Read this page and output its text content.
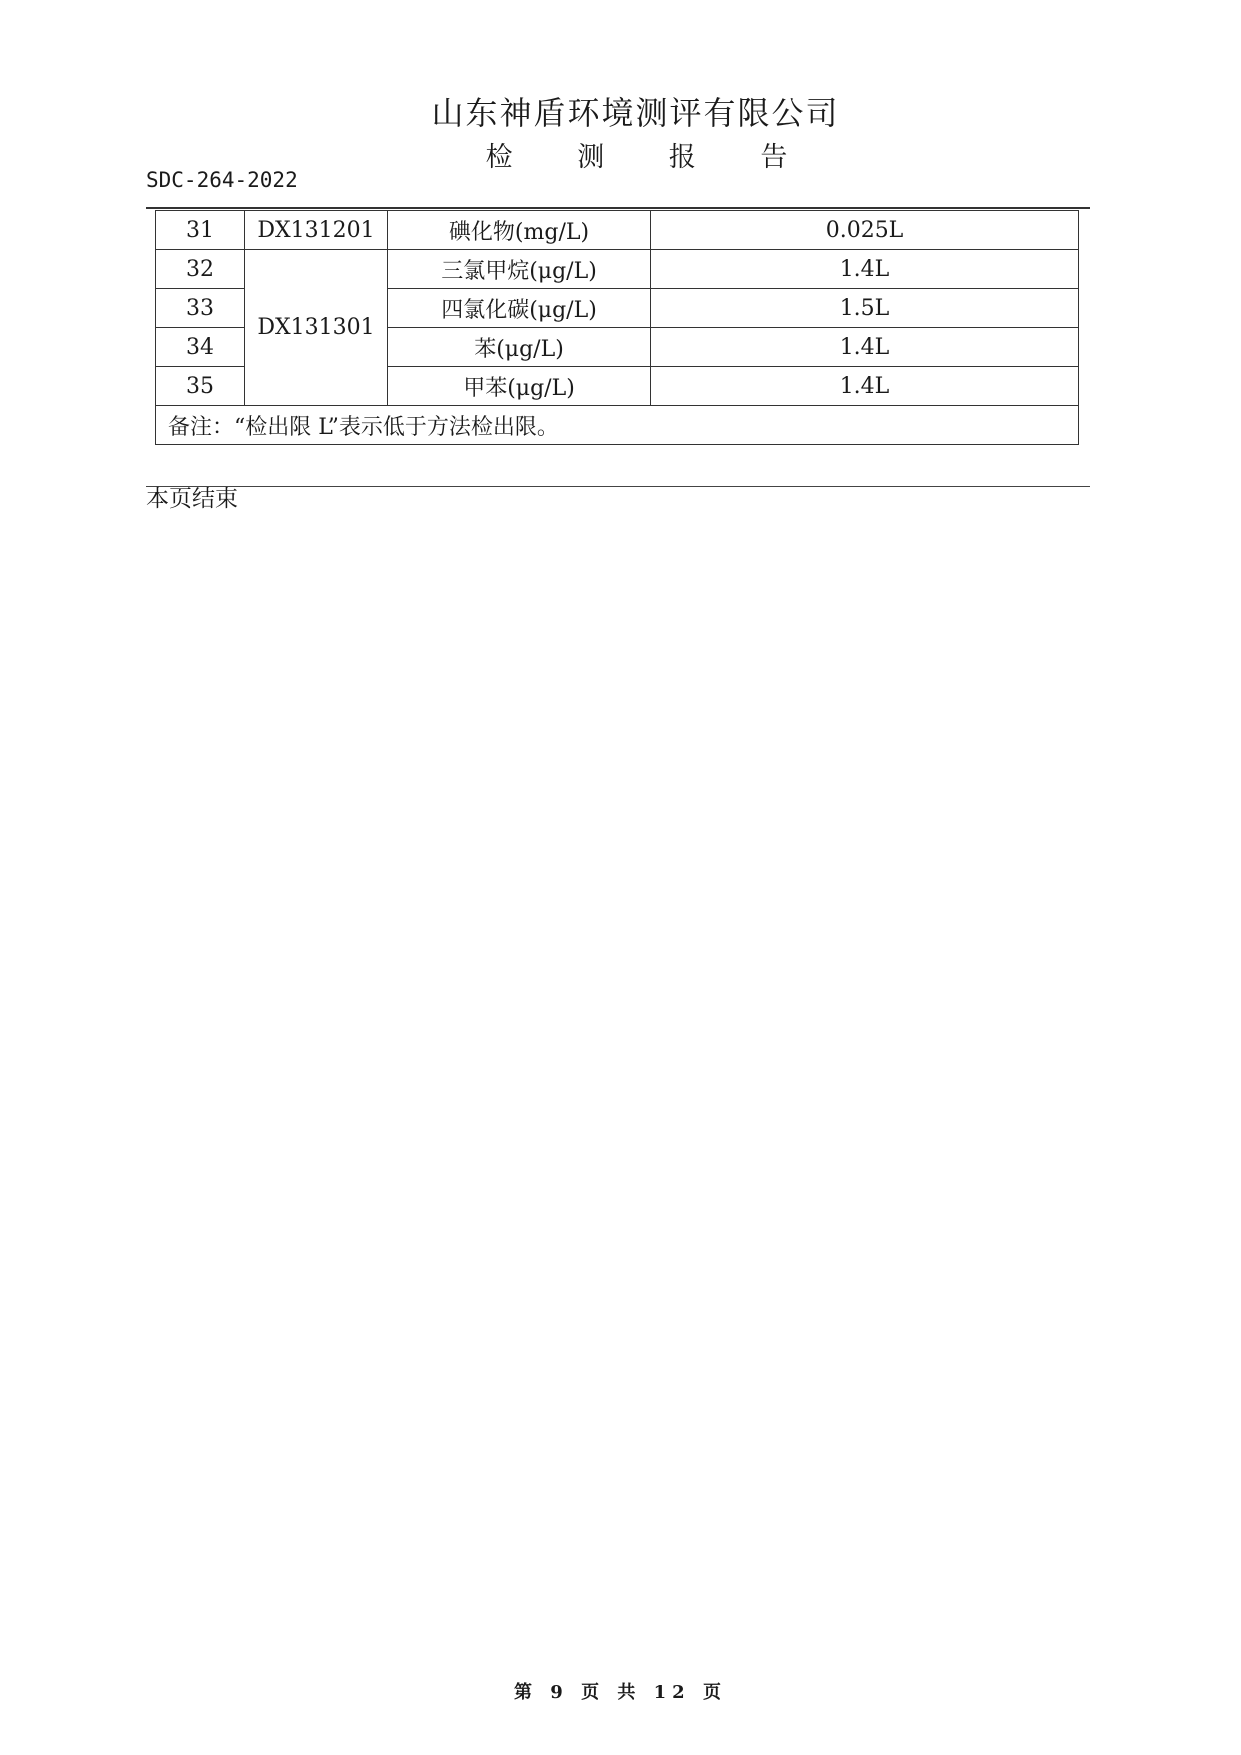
山东神盾环境测评有限公司
检 测 报 告
SDC-264-2022
31	DX131201	碘化物(mg/L)	0.025L
32	DX131301	三氯甲烷(μg/L)	1.4L
33		四氯化碳(μg/L)	1.5L
34		苯(μg/L)	1.4L
35		甲苯(μg/L)	1.4L
备注：“检出限 L”表示低于方法检出限。			
本页结束
第 9 页 共 12 页
